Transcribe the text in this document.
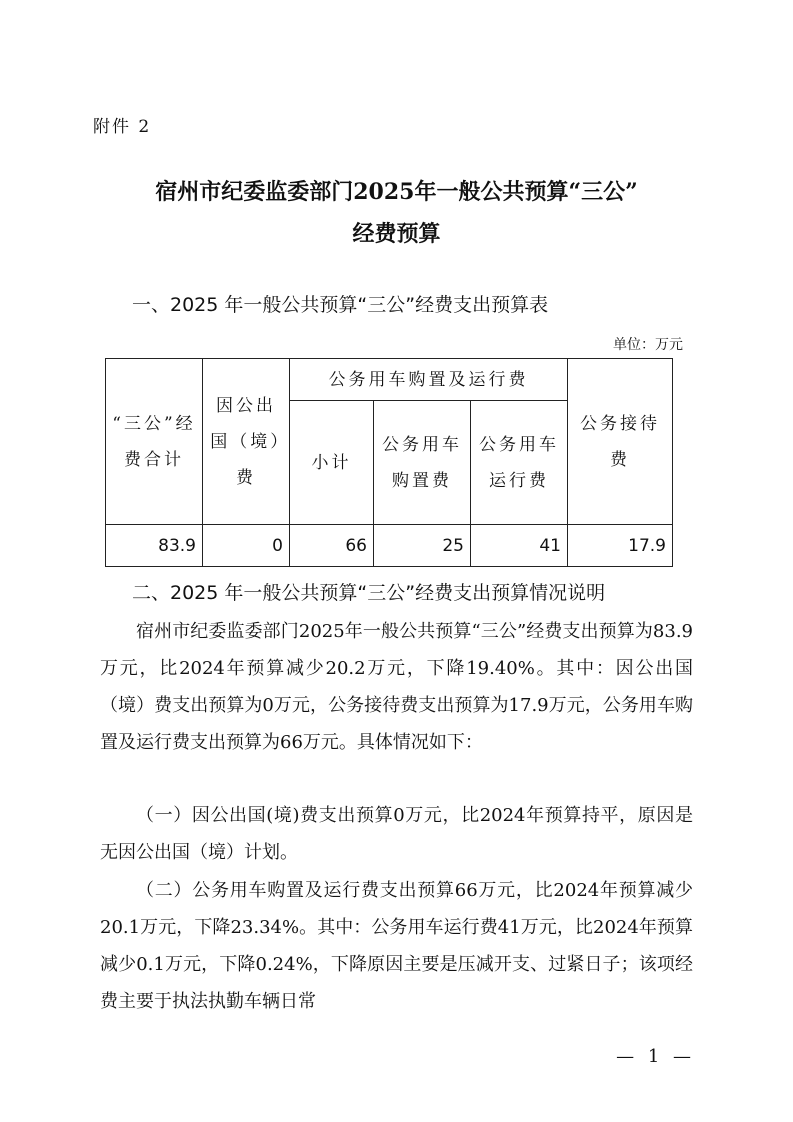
附件 2
宿州市纪委监委部门2025年一般公共预算“三公”
经费预算
一、2025 年一般公共预算“三公”经费支出预算表
单位：万元
“三公”经费合计	因公出国（境）费	公务用车购置及运行费			公务接待费
		小计	公务用车购置费	公务用车运行费	
83.9	0	66	25	41	17.9
二、2025 年一般公共预算“三公”经费支出预算情况说明

宿州市纪委监委部门2025年一般公共预算“三公”经费支出预算为83.9万元，比2024年预算减少20.2万元，下降19.40%。其中：因公出国（境）费支出预算为0万元，公务接待费支出预算为17.9万元，公务用车购置及运行费支出预算为66万元。具体情况如下：

（一）因公出国(境)费支出预算0万元，比2024年预算持平，原因是无因公出国（境）计划。

（二）公务用车购置及运行费支出预算66万元，比2024年预算减少20.1万元，下降23.34%。其中：公务用车运行费41万元，比2024年预算减少0.1万元，下降0.24%，下降原因主要是压减开支、过紧日子；该项经费主要于执法执勤车辆日常

— 1 —
